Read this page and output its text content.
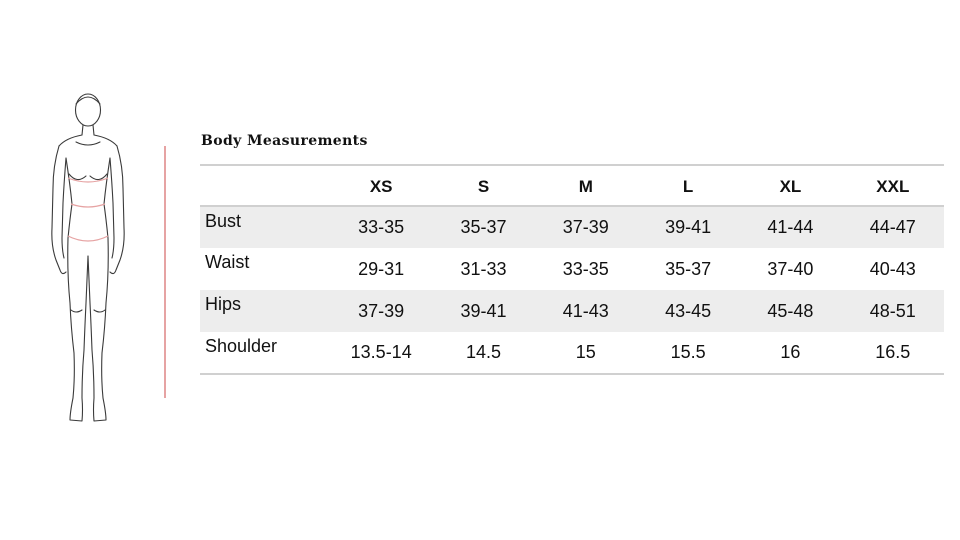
Body Measurements
	XS	S	M	L	XL	XXL
Bust	33-35	35-37	37-39	39-41	41-44	44-47
Waist	29-31	31-33	33-35	35-37	37-40	40-43
Hips	37-39	39-41	41-43	43-45	45-48	48-51
Shoulder	13.5-14	14.5	15	15.5	16	16.5
